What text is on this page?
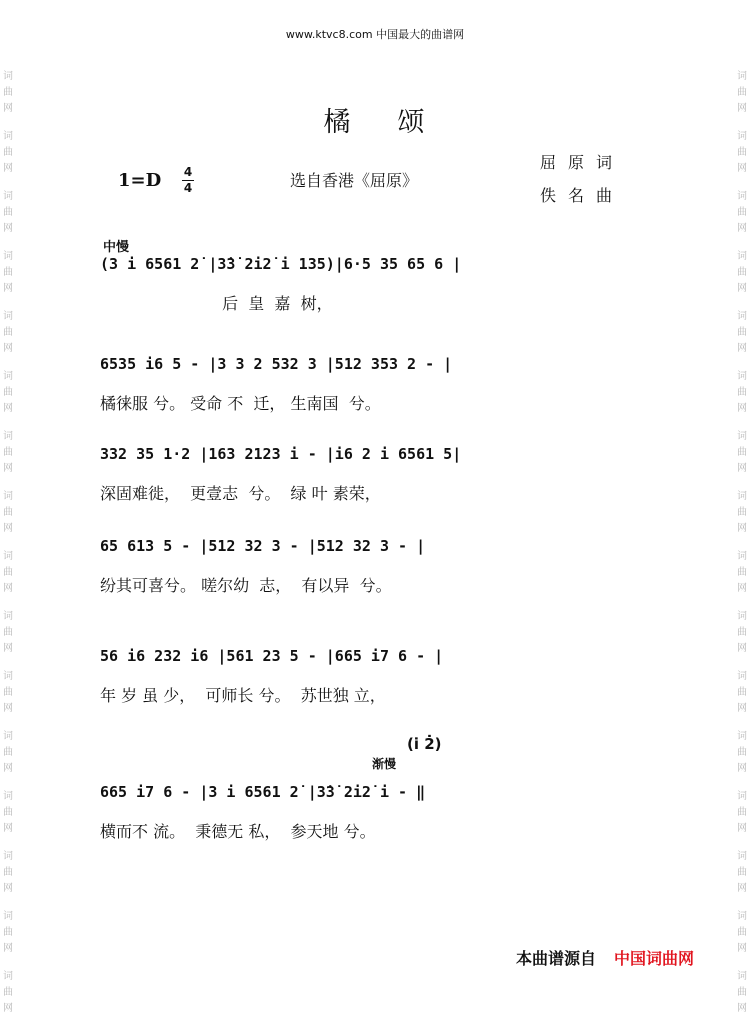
词
曲
网
词
曲
网
词
曲
网
词
曲
网
词
曲
网
词
曲
网
词
曲
网
词
曲
网
词
曲
网
词
曲
网
词
曲
网
词
曲
网
词
曲
网
词
曲
网
词
曲
网
词
曲
网
词
曲
网
词
曲
网
词
曲
网
词
曲
网
词
曲
网
词
曲
网
词
曲
网
词
曲
网
词
曲
网
词
曲
网
词
曲
网
词
曲
网
词
曲
网
词
曲
网
词
曲
网
词
曲
网
www.ktvc8.com 中国最大的曲谱网
橘 颂
1=D 4
4	选自香港《屈原》
屈原词
佚名曲
中慢
(i̇ 2̇)
渐慢
(3 i 6561 2̇ |3̇3̇ 2i2̇ i 135)|6·5 35 65 6 |
后  皇  嘉  树，
6535 i6 5 - |3 3 2 532 3 |512 353 2 - |
橘徕服 兮。 受命 不  迁， 生南国  兮。
332 35 1·2 |163 2123 i - |i6 2 i 6561 5|
深固难徙，  更壹志  兮。  绿 叶 素荣，
65 613 5 - |512 32 3 - |512 32 3 - |
纷其可喜兮。 嗟尔幼  志，  有以异  兮。
56 i6 232 i6 |561 23 5 - |665 i7 6 - |
年 岁 虽 少，  可师长 兮。  苏世独 立，
665 i7 6 - |3 i 6561 2̇ |3̇3̇ 2i2̇ i - ‖
横而不 流。  秉德无 私，  参天地 兮。
本曲谱源自 中国词曲网
